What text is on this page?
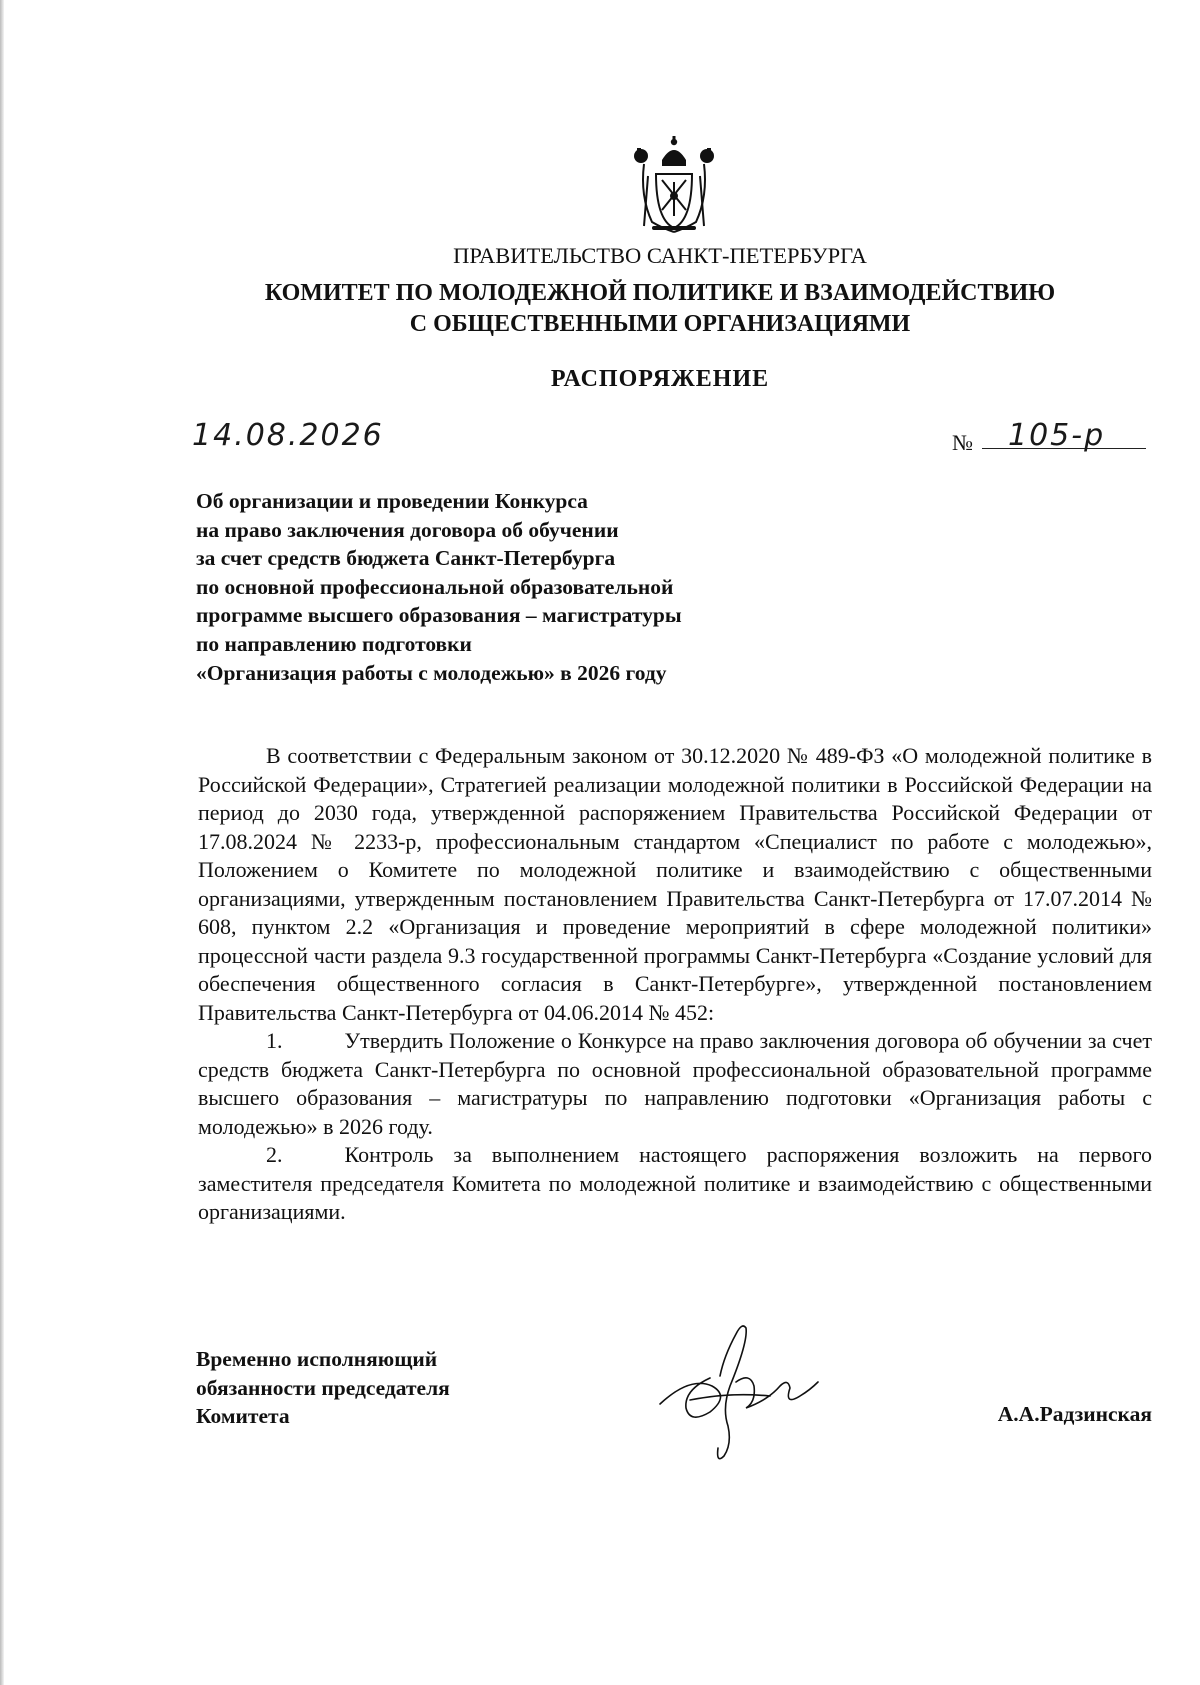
ПРАВИТЕЛЬСТВО САНКТ-ПЕТЕРБУРГА
КОМИТЕТ ПО МОЛОДЕЖНОЙ ПОЛИТИКЕ И ВЗАИМОДЕЙСТВИЮ
С ОБЩЕСТВЕННЫМИ ОРГАНИЗАЦИЯМИ
РАСПОРЯЖЕНИЕ
14.08.2026	№ 105-р
Об организации и проведении Конкурса
на право заключения договора об обучении
за счет средств бюджета Санкт-Петербурга
по основной профессиональной образовательной
программе высшего образования – магистратуры
по направлению подготовки
«Организация работы с молодежью» в 2026 году

В соответствии с Федеральным законом от 30.12.2020 № 489-ФЗ «О молодежной политике в Российской Федерации», Стратегией реализации молодежной политики в Российской Федерации на период до 2030 года, утвержденной распоряжением Правительства Российской Федерации от 17.08.2024 № 2233-р, профессиональным стандартом «Специалист по работе с молодежью», Положением о Комитете по молодежной политике и взаимодействию с общественными организациями, утвержденным постановлением Правительства Санкт-Петербурга от 17.07.2014 № 608, пунктом 2.2 «Организация и проведение мероприятий в сфере молодежной политики» процессной части раздела 9.3 государственной программы Санкт-Петербурга «Создание условий для обеспечения общественного согласия в Санкт-Петербурге», утвержденной постановлением Правительства Санкт-Петербурга от 04.06.2014 № 452:

1.	Утвердить Положение о Конкурсе на право заключения договора об обучении за счет средств бюджета Санкт-Петербурга по основной профессиональной образовательной программе высшего образования – магистратуры по направлению подготовки «Организация работы с молодежью» в 2026 году.

2.	Контроль за выполнением настоящего распоряжения возложить на первого заместителя председателя Комитета по молодежной политике и взаимодействию с общественными организациями.

Временно исполняющий
обязанности председателя
Комитета	А.А.Радзинская
